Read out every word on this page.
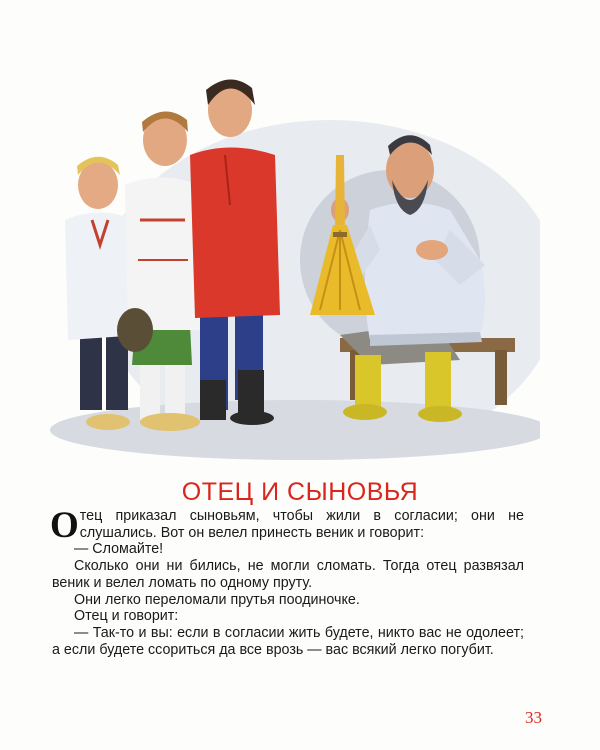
ОТЕЦ И СЫНОВЬЯ

Отец приказал сыновьям, чтобы жили в согласии; они не слушались. Вот он велел принесть веник и говорит:

— Сломайте!

Сколько они ни бились, не могли сломать. Тогда отец развязал веник и велел ломать по одному пруту.

Они легко переломали прутья поодиночке.

Отец и говорит:

— Так-то и вы: если в согласии жить будете, никто вас не одолеет; а если будете ссориться да все врозь — вас всякий легко погубит.

33
